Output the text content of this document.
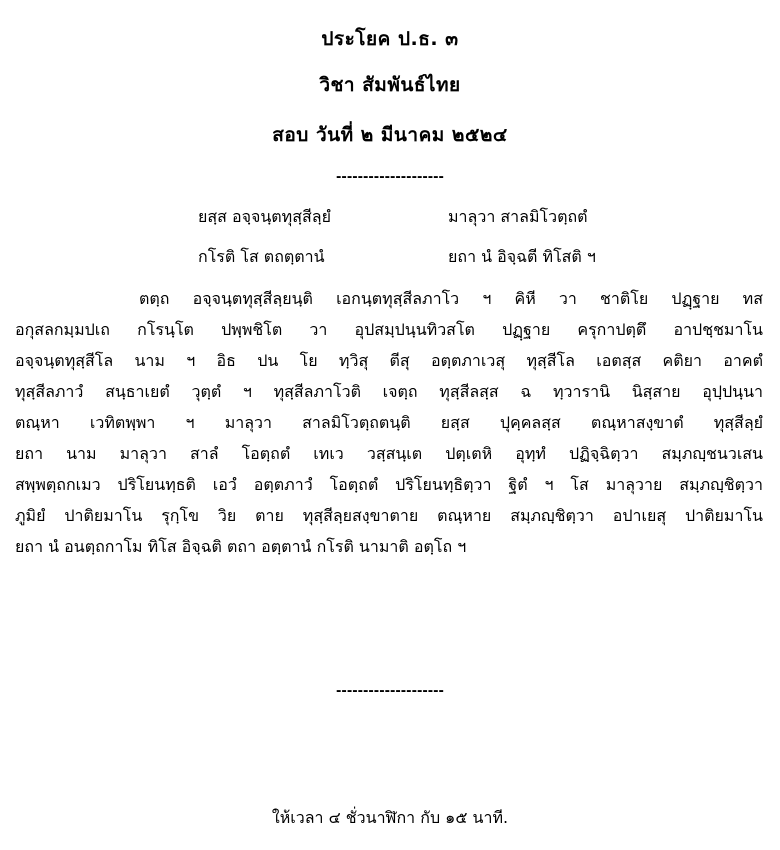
ประโยค ป.ธ. ๓
วิชา สัมพันธ์ไทย
สอบ วันที่ ๒ มีนาคม ๒๕๒๔
--------------------
ยสฺส อจฺจนฺตทุสฺสีลฺยํ	มาลุวา สาลมิโวตฺถตํ
กโรติ โส ตถตฺตานํ	ยถา นํ อิจฺฉตี ทิโสติ ฯ
ตตฺถ อจฺจนฺตทุสฺสีลฺยนฺติ เอกนฺตทุสฺสีลภาโว ฯ คิหี วา ชาติโย ปฏฺฐาย ทส
อกุสลกมฺมปเถ กโรนฺโต ปพฺพชิโต วา อุปสมฺปนฺนทิวสโต ปฏฺฐาย ครุกาปตฺตึ อาปชฺชมาโน
อจฺจนฺตทุสฺสีโล นาม ฯ อิธ ปน โย ทฺวิสุ ตีสุ อตฺตภาเวสุ ทุสฺสีโล เอตสฺส คติยา อาคตํ
ทุสฺสีลภาวํ สนฺธาเยตํ วุตฺตํ ฯ ทุสฺสีลภาโวติ เจตฺถ ทุสฺสีลสฺส ฉ ทฺวารานิ นิสฺสาย อุปฺปนฺนา
ตณฺหา เวทิตพฺพา ฯ มาลุวา สาลมิโวตฺถตนฺติ ยสฺส ปุคฺคลสฺส ตณฺหาสงฺขาตํ ทุสฺสีลฺยํ
ยถา นาม มาลุวา สาลํ โอตฺถตํ เทเว วสฺสนฺเต ปตฺเตหิ อุทฺทํ ปฏิจฺฉิตฺวา สมฺภญฺชนวเสน
สพฺพตฺถกเมว ปริโยนทฺธติ เอวํ อตฺตภาวํ โอตฺถตํ ปริโยนทฺธิตฺวา ฐิตํ ฯ โส มาลุวาย สมฺภญฺชิตฺวา
ภูมิยํ ปาติยมาโน รุกฺโข วิย ตาย ทุสฺสีลฺยสงฺขาตาย ตณฺหาย สมฺภญฺชิตฺวา อปาเยสุ ปาติยมาโน
ยถา นํ อนตฺถกาโม ทิโส อิจฺฉติ ตถา อตฺตานํ กโรติ นามาติ อตฺโถ ฯ
--------------------
ให้เวลา ๔ ชั่วนาฬิกา กับ ๑๕ นาที.
